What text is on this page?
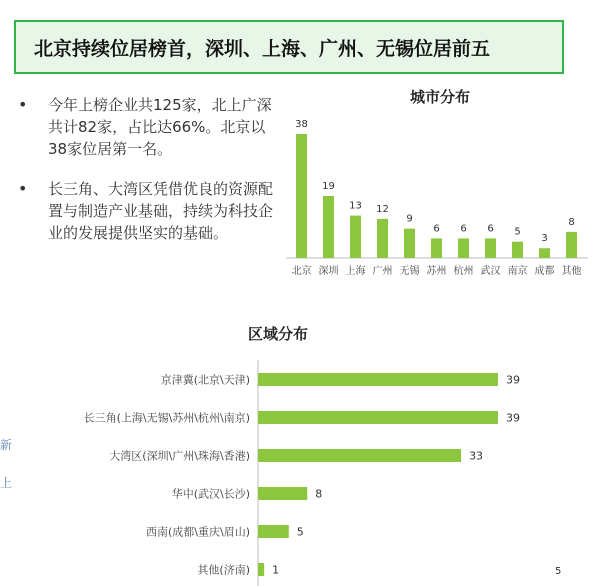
北京持续位居榜首，深圳、上海、广州、无锡位居前五
• 今年上榜企业共125家，北上广深共计82家，占比达66%。北京以38家位居第一名。
• 长三角、大湾区凭借优良的资源配置与制造产业基础，持续为科技企业的发展提供坚实的基础。
城市分布
区域分布
38
北京
19
深圳
13
上海
12
广州
9
无锡
6
苏州
6
杭州
6
武汉
5
南京
3
成都
8
其他
39
京津冀(北京\天津)
39
长三角(上海\无锡\苏州\杭州\南京)
33
大湾区(深圳\广州\珠海\香港)
8
华中(武汉\长沙)
5
西南(成都\重庆\眉山)
1
其他(济南)
新
上
5
